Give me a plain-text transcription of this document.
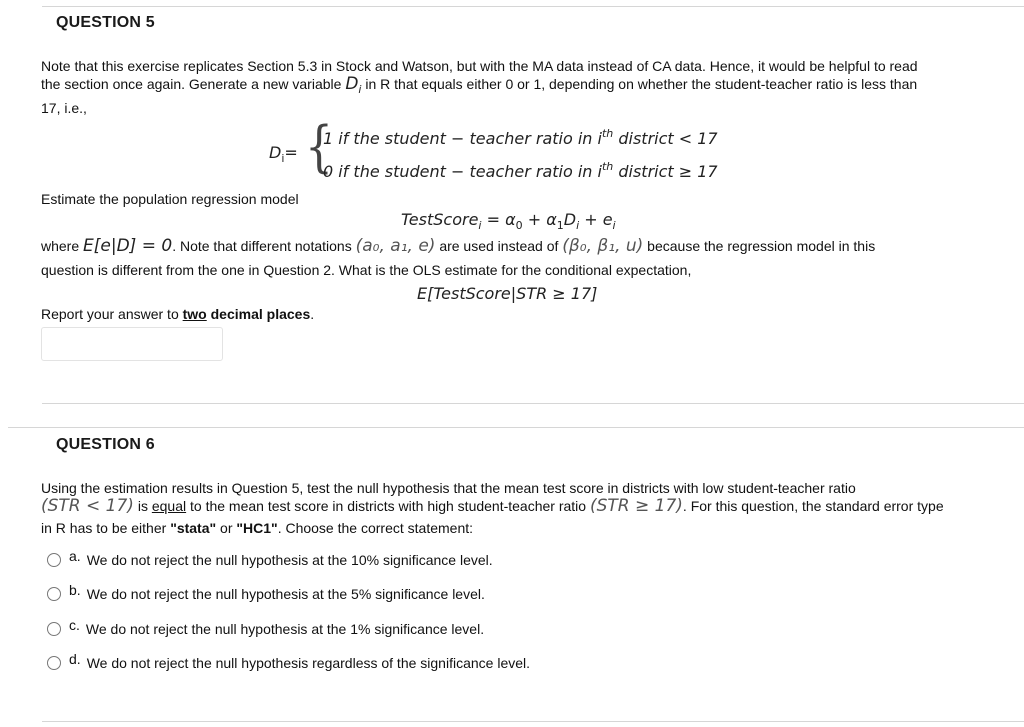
QUESTION 5
Note that this exercise replicates Section 5.3 in Stock and Watson, but with the MA data instead of CA data. Hence, it would be helpful to read
the section once again. Generate a new variable $D_i$ in R that equals either 0 or 1, depending on whether the student-teacher ratio is less than
17, i.e.,
$D_i=$ {
1 if the student − teacher ratio in $i^{th}$ district < 17
0 if the student − teacher ratio in $i^{th}$ district ≥ 17
Estimate the population regression model
TestScore$_i$ = $\alpha_0 + \alpha_1D_i + e_i$
where E[e|D] = 0. Note that different notations (a₀, a₁, e) are used instead of (β₀, β₁, u) because the regression model in this
question is different from the one in Question 2. What is the OLS estimate for the conditional expectation,
E[TestScore|STR ≥ 17]
Report your answer to two decimal places.
QUESTION 6
Using the estimation results in Question 5, test the null hypothesis that the mean test score in districts with low student-teacher ratio
(STR < 17) is equal to the mean test score in districts with high student-teacher ratio (STR ≥ 17). For this question, the standard error type
in R has to be either "stata" or "HC1". Choose the correct statement:
a. We do not reject the null hypothesis at the 10% significance level.
b. We do not reject the null hypothesis at the 5% significance level.
c. We do not reject the null hypothesis at the 1% significance level.
d. We do not reject the null hypothesis regardless of the significance level.
